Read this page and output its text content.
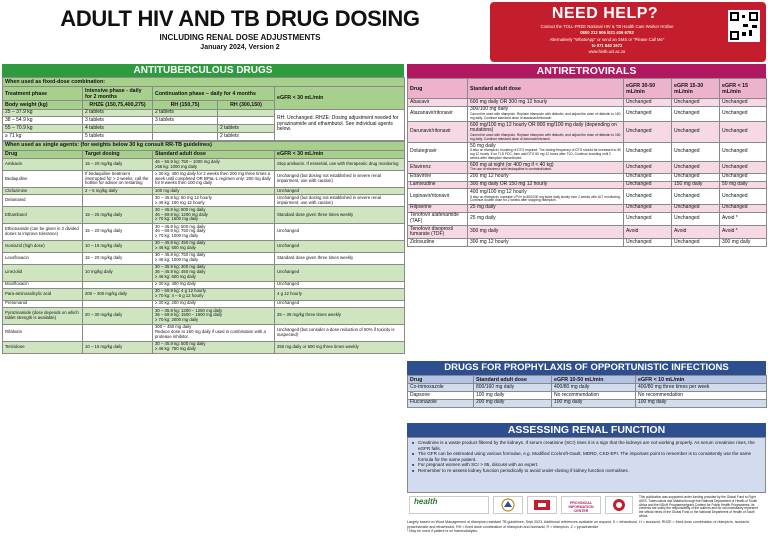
ADULT HIV AND TB DRUG DOSING
INCLUDING RENAL DOSE ADJUSTMENTS
January 2024, Version 2
NEED HELP?
Contact the TOLL-FREE National HIV & TB Health Care Worker Hotline
0800 212 506 /021 406 6782
Alternatively "WhatsApp" or send an SMS or "Please Call Me"
to 071 840 1572
www.hivtb.uct.ac.za
ANTITUBERCULOUS DRUGS
When used as fixed-dose combination:				
Treatment phase	Intensive phase - daily for 2 months	Continuation phase – daily for 4 months		eGFR < 30 mL/min
Body weight (kg)	RHZE (150,75,400,275)	RH (150,75)	RH (300,150)	
25 – 37.9 kg	2 tablets	2 tablets		RH: Unchanged. RHZE: Dosing adjustment needed for pyrazinamide and ethambutol. See individual agents below.
38 – 54.9 kg	3 tablets	3 tablets		
55 – 70.9 kg	4 tablets		2 tablets	
≥ 71 kg	5 tablets		2 tablets	
When used as single agents: (for weights below 30 kg consult RR-TB guidelines)			
Drug	Target dosing	Standard adult dose	eGFR < 30 mL/min
Amikacin	15 – 20 mg/kg daily	46 – 55.9 kg: 750 – 1000 mg daily
≥56 kg: 1000 mg daily	Stop amikacin. If essential, use with therapeutic drug monitoring
Bedaquiline	If bedaquiline treatment interrupted for > 2 weeks, call the hotline for advice on restarting	≥ 30 kg: 400 mg daily for 2 weeks then 200 mg three times a week until completed OR BPaL-L regimen only: 200 mg daily for 8 weeks then 100 mg daily	Unchanged (but dosing not established in severe renal impairment, use with caution)
Clofazimine	2 – 5 mg/kg daily	100 mg daily	Unchanged
Delamanid		30 – 45.9 kg: 50 mg 12 hourly
≥ 46 kg: 100 mg 12 hourly	Unchanged (but dosing not established in severe renal impairment, use with caution)
Ethambutol	15 – 25 mg/kg daily	30 – 45.9 kg: 800 mg daily
46 – 69.9 kg: 1200 mg daily
≥ 70 kg: 1600 mg daily	Standard dose given three times weekly
Ethionamide (can be given in 2 divided doses to improve tolerance)	15 – 20 mg/kg daily	30 – 45.9 kg: 500 mg daily
46 – 69.9 kg: 750 mg daily
≥ 70 kg: 1000 mg daily	Unchanged
Isoniazid (high dose)	10 – 15 mg/kg daily	30 – 45.9 kg: 450 mg daily
≥ 46 kg: 600 mg daily	Unchanged
Levofloxacin	15 – 20 mg/kg daily	30 – 45.9 kg: 750 mg daily
≥ 46 kg: 1000 mg daily	Standard dose given three times weekly
Linezolid	10 mg/kg daily	30 – 35.9 kg: 300 mg daily
36 – 45.9 kg: 450 mg daily
≥ 46 kg: 600 mg daily	Unchanged
Moxifloxacin		≥ 30 kg: 400 mg daily	Unchanged
Para-aminosalicylic acid	200 – 300 mg/kg daily	30 – 69.9 kg: 4 g 12 hourly
≥ 70 kg: 4 – 6 g 12 hourly	4 g 12 hourly
Pretomanid		≥ 30 kg: 200 mg daily	Unchanged
Pyrazinamide (dose depends on which tablet strength is available)	20 – 30 mg/kg daily	30 – 35.9 kg: 1200 – 1250 mg daily
36 – 69.9 kg: 1500 – 1600 mg daily
≥ 70 kg: 2000 mg daily	25 – 35 mg/kg three times weekly
Rifabutin		300 – 450 mg daily
Reduce dose to 150 mg daily if used in combination with a protease inhibitor.	Unchanged (but consider a dose reduction of 50% if toxicity is suspected)
Terizidone	10 – 15 mg/kg daily	30 – 45.9 kg: 500 mg daily
≥ 46 kg: 750 mg daily	250 mg daily or 500 mg three times weekly
ANTIRETROVIRALS
Drug	Standard adult dose	eGFR 30-50 mL/min	eGFR 15-30 mL/min	eGFR < 15 mL/min
Abacavir	600 mg daily OR 300 mg 12 hourly	Unchanged	Unchanged	Unchanged
Atazanavir/ritonavir	300/100 mg daily
Cannot be used with rifampicin. Replace rifampicin with rifabutin, and adjust the dose of rifabutin to 150 mg daily. Continue standard dose of atazanavir/ritonavir.	Unchanged	Unchanged	Unchanged
Darunavir/ritonavir	600 mg/100 mg 12 hourly OR 800 mg/100 mg daily (depending on mutations)
Cannot be used with rifampicin. Replace rifampicin with rifabutin, and adjust the dose of rifabutin to 150 mg daily. Continue standard dose of darunavir/ritonavir.	Unchanged	Unchanged	Unchanged
Dolutegravir	50 mg daily
If also on rifampicin: boosting of DTG required. The dosing frequency of DTG should be increased to 50 mg 12 hourly. If on TLD FDC, then add DTG 50 mg 12 hours after TLD. Continue boosting until 2 weeks after rifampicin discontinued.	Unchanged	Unchanged	Unchanged
Efavirenz	600 mg at night (or 400 mg if < 40 kg)
The use of efavirenz with bedaquiline is contraindicated.	Unchanged	Unchanged	Unchanged
Etravirine	200 mg 12 hourly	Unchanged	Unchanged	Unchanged
Lamivudine	300 mg daily OR 150 mg 12 hourly	Unchanged	150 mg daily	50 mg daily
Lopinavir/ritonavir	400 mg/100 mg 12 hourly
If also on rifampicin: increase LPV/r to 800/200 mg twice daily slowly over 2 weeks with ALT monitoring. Continue double dose for 2 weeks after stopping rifampicin.	Unchanged	Unchanged	Unchanged
Rilpivirine	25 mg daily	Unchanged	Unchanged	Unchanged
Tenofovir alafenamide (TAF)	25 mg daily	Unchanged	Unchanged	Avoid *
Tenofovir disoproxil fumarate (TDF)	300 mg daily	Avoid	Avoid	Avoid *
Zidovudine	300 mg 12 hourly	Unchanged	Unchanged	300 mg daily
DRUGS FOR PROPHYLAXIS OF OPPORTUNISTIC INFECTIONS
Drug	Standard adult dose	eGFR 10-50 mL/min	eGFR < 10 mL/min
Co-trimoxazole	800/160 mg daily	400/80 mg daily	400/80 mg three times per week
Dapsone	100 mg daily	No recommendation	No recommendation
Fluconazole	200 mg daily	100 mg daily	100 mg daily
ASSESSING RENAL FUNCTION
■ Creatinine is a waste product filtered by the kidneys. If serum creatinine (SCr) rises it is a sign that the kidneys are not working properly. As serum creatinine rises, the eGFR falls.
■ The GFR can be estimated using various formulae, e.g. Modified Cockroft-Gault, MDRD, CKD-EPI. The important point to remember is to consistently use the same formula for the same patient.
■ For pregnant women with SCr > 85, discuss with an expert.
■ Remember to re-assess kidney function periodically to avoid under-dosing if kidney function normalises.
health	PROVINCIAL INFORMATION CENTER
This publication was supported under funding provided by the Global Fund to Fight AIDS, Tuberculosis and Malaria through the National Department of Health of South Africa and the NDoH Programme/grant Content for Public Health Programmes. Its contents are solely the responsibility of the authors and do not necessarily represent the official views of the Global Fund or the National Department of Health of South Africa.
Largely based on Word Management of rifampicin resistant TB guidelines, Sept 2023. Additional references available on request. S = ethambutol, H = isoniazid, RHZE = fixed dose combination of rifampicin, isoniazid, pyrazinamide and ethambutol, RH = fixed dose combination of rifampicin and isoniazid, R = rifampicin, Z = pyrazinamide
* May be used if patient is on haemodialysis.
